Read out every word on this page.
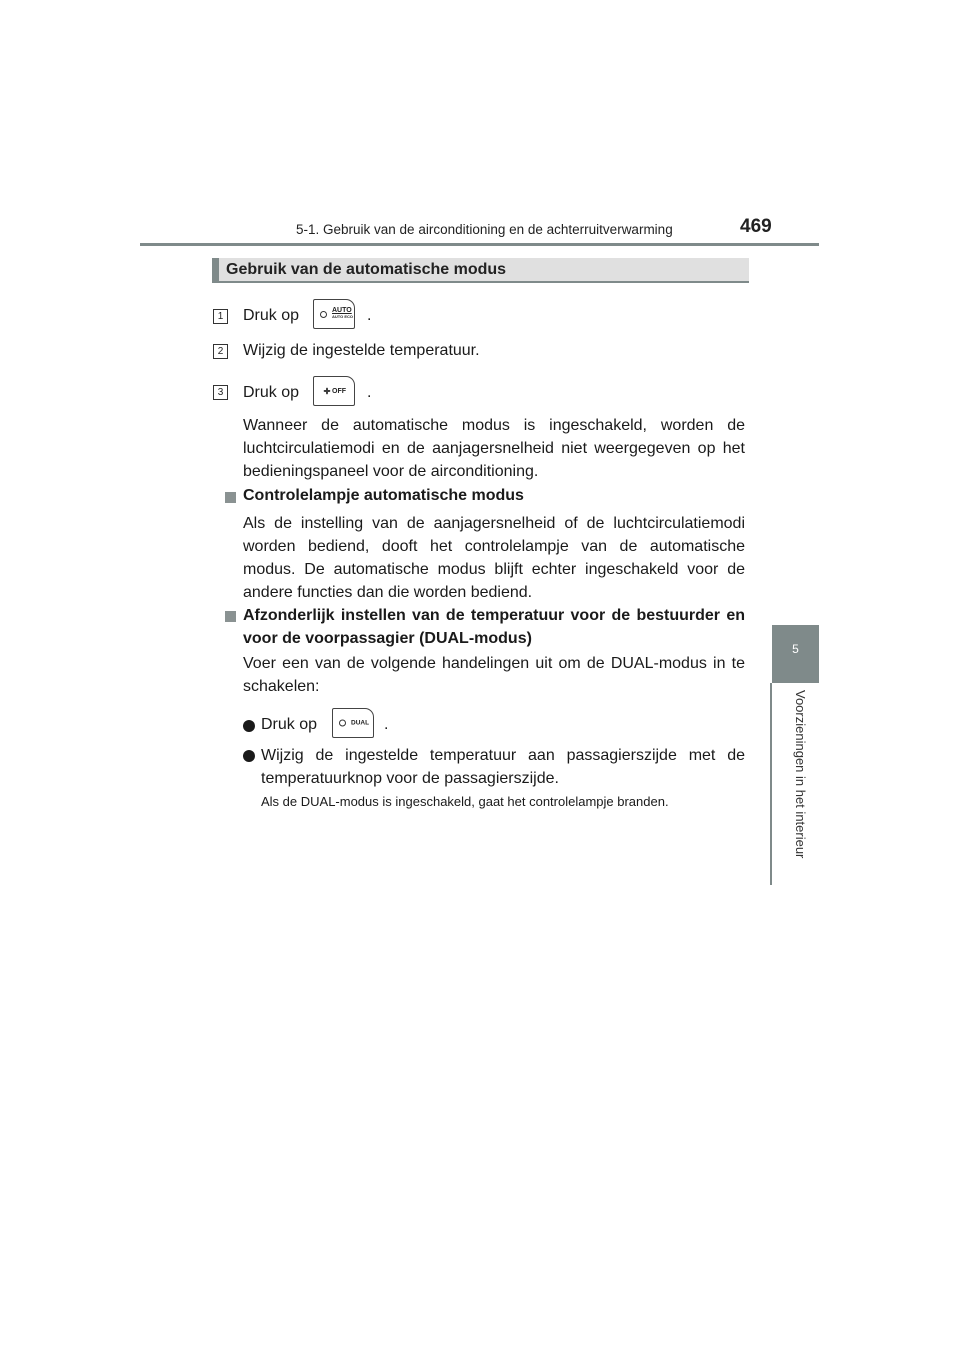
5-1. Gebruik van de airconditioning en de achterruitverwarming	469
5
Voorzieningen in het interieur
Gebruik van de automatische modus
1 Druk op	AUTO
AUTO ECO .
2 Wijzig de ingestelde temperatuur.
3 Druk op	OFF .
Wanneer de automatische modus is ingeschakeld, worden de luchtcirculatiemodi en de aanjagersnelheid niet weergegeven op het bedieningspaneel voor de airconditioning.
Controlelampje automatische modus
Als de instelling van de aanjagersnelheid of de luchtcirculatiemodi worden bediend, dooft het controlelampje van de automatische modus. De automatische modus blijft echter ingeschakeld voor de andere functies dan die worden bediend.
Afzonderlijk instellen van de temperatuur voor de bestuurder en voor de voorpassagier (DUAL-modus)
Voer een van de volgende handelingen uit om de DUAL-modus in te schakelen:
Druk op	DUAL .
Wijzig de ingestelde temperatuur aan passagierszijde met de temperatuurknop voor de passagierszijde.
Als de DUAL-modus is ingeschakeld, gaat het controlelampje branden.
